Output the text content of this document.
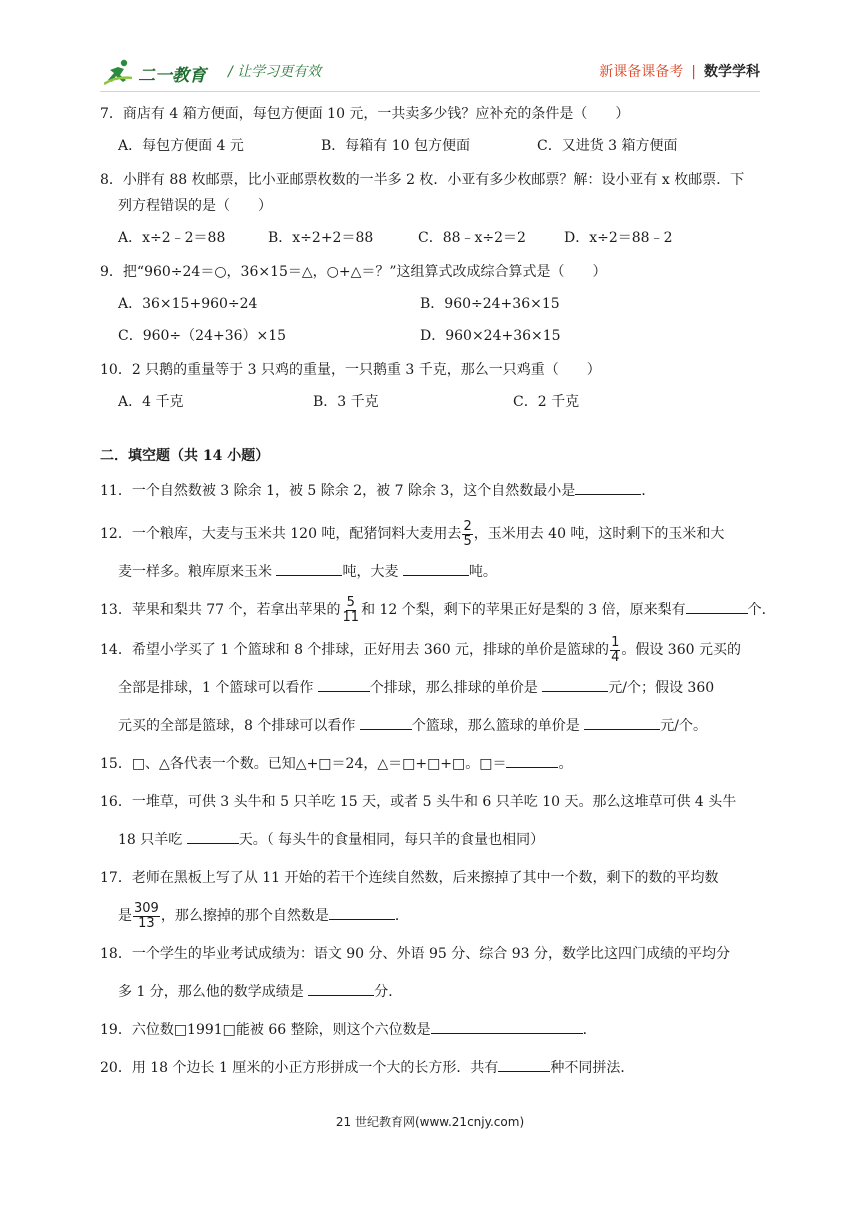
二一教育 / 让学习更有效	新课备课备考 | 数学学科
7．商店有 4 箱方便面，每包方便面 10 元，一共卖多少钱？应补充的条件是（　　）
A．每包方便面 4 元	B．每箱有 10 包方便面	C．又进货 3 箱方便面
8．小胖有 88 枚邮票，比小亚邮票枚数的一半多 2 枚．小亚有多少枚邮票？解：设小亚有 x 枚邮票．下
列方程错误的是（　　）
A．x÷2﹣2＝88	B．x÷2+2＝88	C．88﹣x÷2＝2	D．x÷2＝88﹣2
9．把“960÷24＝○，36×15＝△，○+△＝？”这组算式改成综合算式是（　　）
A．36×15+960÷24	B．960÷24+36×15
C．960÷（24+36）×15	D．960×24+36×15
10．2 只鹅的重量等于 3 只鸡的重量，一只鹅重 3 千克，那么一只鸡重（　　）
A．4 千克	B．3 千克	C．2 千克
二．填空题（共 14 小题）
11．一个自然数被 3 除余 1，被 5 除余 2，被 7 除余 3，这个自然数最小是	．
12．一个粮库，大麦与玉米共 120 吨，配猪饲料大麦用去 $\frac{2}{5}$ ，玉米用去 40 吨，这时剩下的玉米和大
麦一样多。粮库原来玉米	吨，大麦	吨。
13．苹果和梨共 77 个，若拿出苹果的 $\frac{5}{11}$ 和 12 个梨，剩下的苹果正好是梨的 3 倍，原来梨有	个．
14．希望小学买了 1 个篮球和 8 个排球，正好用去 360 元，排球的单价是篮球的 $\frac{1}{4}$ 。假设 360 元买的
全部是排球，1 个篮球可以看作	个排球，那么排球的单价是	元/个；假设 360
元买的全部是篮球，8 个排球可以看作	个篮球，那么篮球的单价是	元/个。
15．□、△各代表一个数。已知△+□＝24，△＝□+□+□。□＝	。
16．一堆草，可供 3 头牛和 5 只羊吃 15 天，或者 5 头牛和 6 只羊吃 10 天。那么这堆草可供 4 头牛
18 只羊吃	天。（ 每头牛的食量相同，每只羊的食量也相同）
17．老师在黑板上写了从 11 开始的若干个连续自然数，后来擦掉了其中一个数，剩下的数的平均数
是 $\frac{309}{13}$ ，那么擦掉的那个自然数是	．
18．一个学生的毕业考试成绩为：语文 90 分、外语 95 分、综合 93 分，数学比这四门成绩的平均分
多 1 分，那么他的数学成绩是	分．
19．六位数□1991□能被 66 整除，则这个六位数是	．
20．用 18 个边长 1 厘米的小正方形拼成一个大的长方形．共有	种不同拼法．
21 世纪教育网(www.21cnjy.com)
